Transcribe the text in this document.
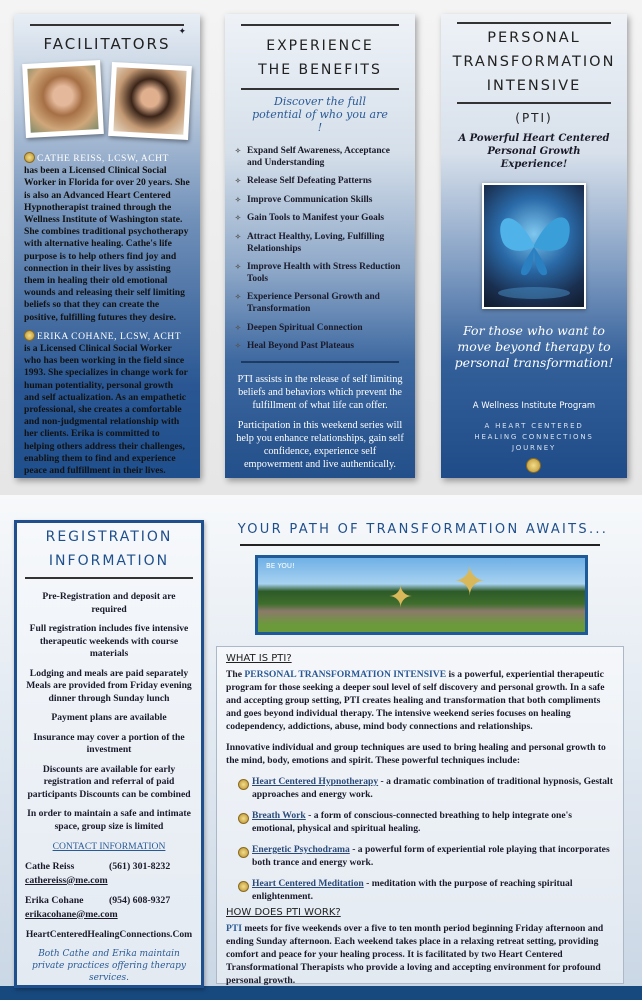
FACILITATORS
✦
CATHE REISS, LCSW, ACHT
has been a Licensed Clinical Social Worker in Florida for over 20 years. She is also an Advanced Heart Centered Hypnotherapist trained through the Wellness Institute of Washington state. She combines traditional psychotherapy with alternative healing. Cathe's life purpose is to help others find joy and connection in their lives by assisting them in healing their old emotional wounds and releasing their self limiting beliefs so that they can create the positive, fulfilling futures they desire.
ERIKA COHANE, LCSW, ACHT
is a Licensed Clinical Social Worker who has been working in the field since 1993. She specializes in change work for human potentiality, personal growth and self actualization. As an empathetic professional, she creates a comfortable and non-judgmental relationship with her clients. Erika is committed to helping others address their challenges, enabling them to find and experience peace and fulfillment in their lives.
EXPERIENCE
THE BENEFITS
Discover the full potential of who you are !
✧ Expand Self Awareness, Acceptance and Understanding
✧ Release Self Defeating Patterns
✧ Improve Communication Skills
✧ Gain Tools to Manifest your Goals
✧ Attract Healthy, Loving, Fulfilling Relationships
✧ Improve Health with Stress Reduction Tools
✧ Experience Personal Growth and Transformation
✧ Deepen Spiritual Connection
✧ Heal Beyond Past Plateaus

PTI assists in the release of self limiting beliefs and behaviors which prevent the fulfillment of what life can offer.

Participation in this weekend series will help you enhance relationships, gain self confidence, experience self empowerment and live authentically.

PERSONAL
TRANSFORMATION
INTENSIVE
(PTI)
A Powerful Heart Centered Personal Growth Experience!
For those who want to move beyond therapy to personal transformation!
A Wellness Institute Program
A HEART CENTERED HEALING CONNECTIONS JOURNEY
REGISTRATION
INFORMATION

Pre-Registration and deposit are required

Full registration includes five intensive therapeutic weekends with course materials

Lodging and meals are paid separately Meals are provided from Friday evening dinner through Sunday lunch

Payment plans are available

Insurance may cover a portion of the investment

Discounts are available for early registration and referral of paid participants Discounts can be combined

In order to maintain a safe and intimate space, group size is limited

CONTACT INFORMATION

Cathe Reiss	(561) 301-8232
cathereiss@me.com
Erika Cohane	(954) 608-9327
erikacohane@me.com

HeartCenteredHealingConnections.Com

Both Cathe and Erika maintain private practices offering therapy services.
YOUR PATH OF TRANSFORMATION AWAITS...
BE YOU!
✦ ✦
WHAT IS PTI?

The PERSONAL TRANSFORMATION INTENSIVE is a powerful, experiential therapeutic program for those seeking a deeper soul level of self discovery and personal growth. In a safe and accepting group setting, PTI creates healing and transformation that both compliments and goes beyond individual therapy. The intensive weekend series focuses on healing codependency, addictions, abuse, mind body connections and relationships.

Innovative individual and group techniques are used to bring healing and personal growth to the mind, body, emotions and spirit. These powerful techniques include:

Heart Centered Hypnotherapy - a dramatic combination of traditional hypnosis, Gestalt approaches and energy work.
Breath Work - a form of conscious-connected breathing to help integrate one's emotional, physical and spiritual healing.
Energetic Psychodrama - a powerful form of experiential role playing that incorporates both trance and energy work.
Heart Centered Meditation - meditation with the purpose of reaching spiritual enlightenment.
HOW DOES PTI WORK?

PTI meets for five weekends over a five to ten month period beginning Friday afternoon and ending Sunday afternoon. Each weekend takes place in a relaxing retreat setting, providing comfort and peace for your healing process. It is facilitated by two Heart Centered Transformational Therapists who provide a loving and accepting environment for profound personal growth.
